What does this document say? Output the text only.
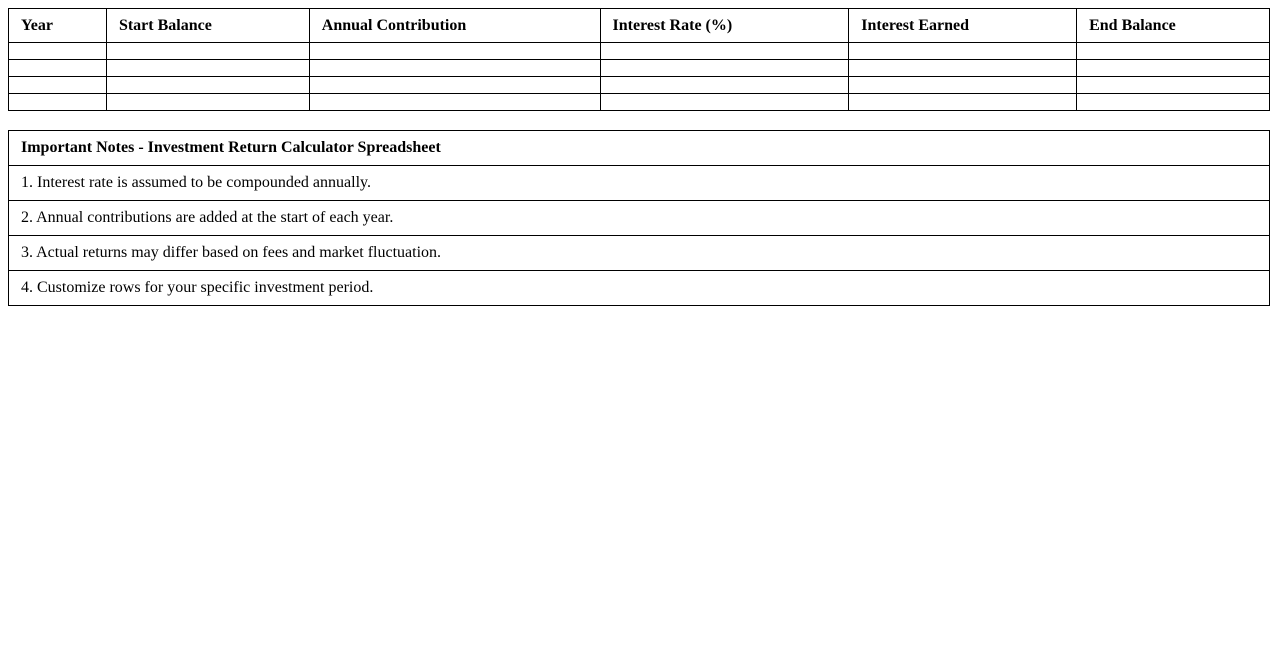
Year	Start Balance	Annual Contribution	Interest Rate (%)	Interest Earned	End Balance

Important Notes - Investment Return Calculator Spreadsheet
1. Interest rate is assumed to be compounded annually.
2. Annual contributions are added at the start of each year.
3. Actual returns may differ based on fees and market fluctuation.
4. Customize rows for your specific investment period.
